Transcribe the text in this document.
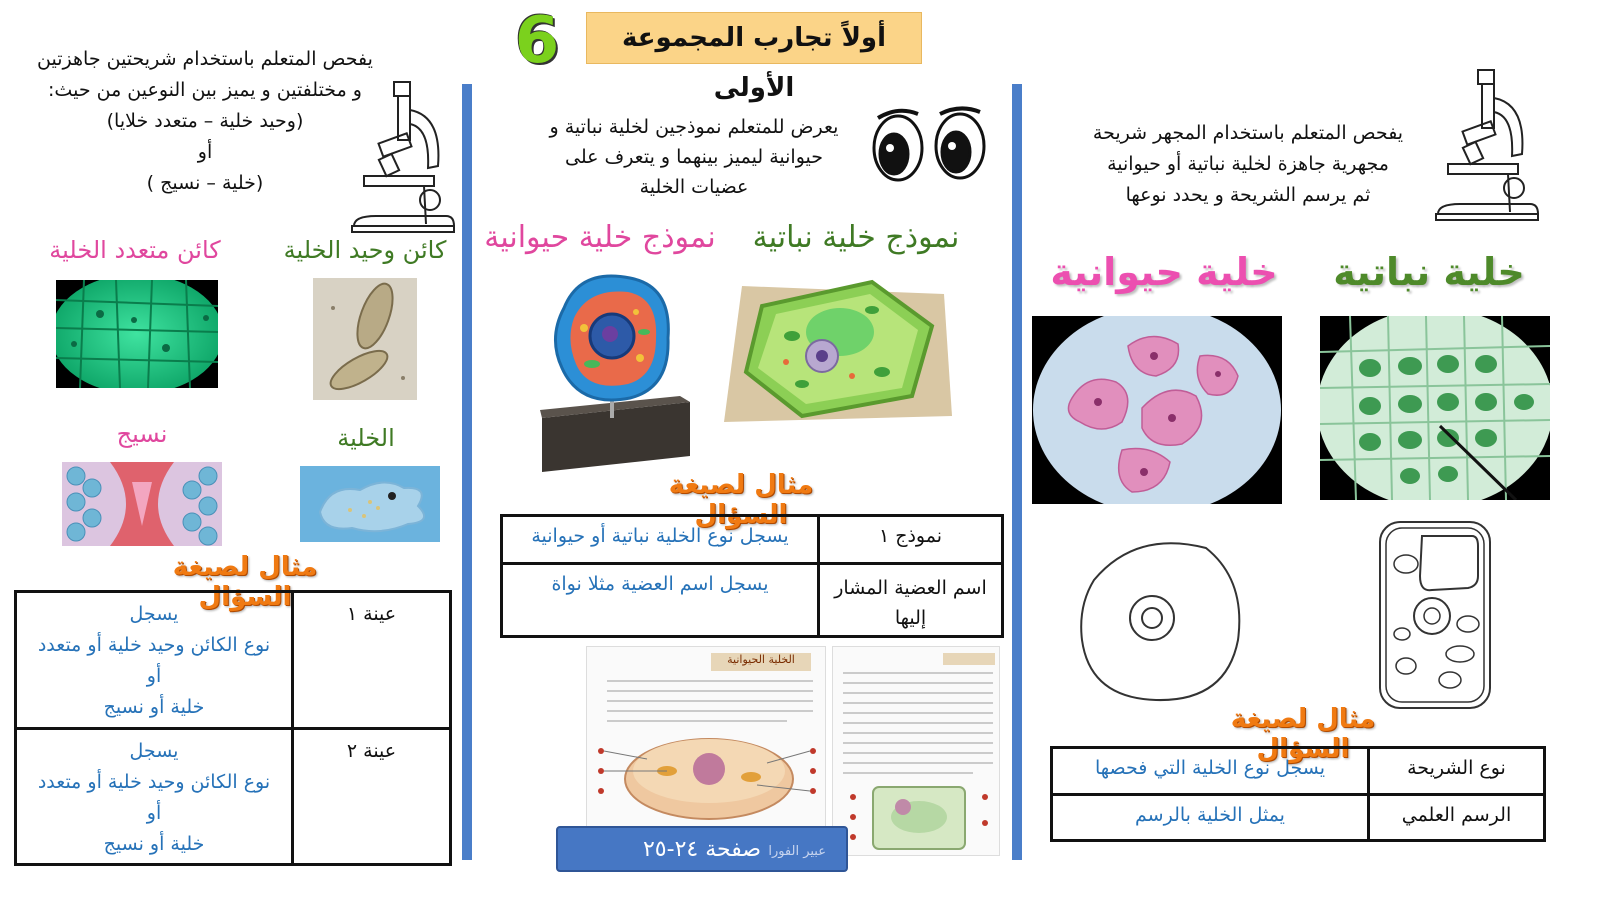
6	أولاً تجارب المجموعة الأولى
يفحص المتعلم باستخدام شريحتين جاهزتين
و مختلفتين و يميز بين النوعين من حيث:
(وحيد خلية – متعدد خلايا)
أو
(خلية – نسيج )
كائن وحيد الخلية
كائن متعدد الخلية
نسيج	الخلية
مثال لصيغة السؤال
عينة ١	يسجل
نوع الكائن وحيد خلية أو متعدد
أو
خلية أو نسيج

عينة ٢	يسجل
نوع الكائن وحيد خلية أو متعدد
أو
خلية أو نسيج
يعرض للمتعلم نموذجين لخلية نباتية و
حيوانية ليميز بينهما و يتعرف على
عضيات الخلية
نموذج خلية نباتية
نموذج خلية حيوانية
مثال لصيغة السؤال
نموذج ١	يسجل نوع الخلية نباتية أو حيوانية
اسم العضية المشار إليها	يسجل اسم العضية مثلا نواة
الخلية الحيوانية
عبير الفورا
صفحة ٢٤-٢٥
يفحص المتعلم باستخدام المجهر شريحة
مجهرية جاهزة لخلية نباتية أو حيوانية
ثم يرسم الشريحة و يحدد نوعها
خلية نباتية
خلية حيوانية
مثال لصيغة السؤال
نوع الشريحة	يسجل نوع الخلية التي فحصها
الرسم العلمي	يمثل الخلية بالرسم
